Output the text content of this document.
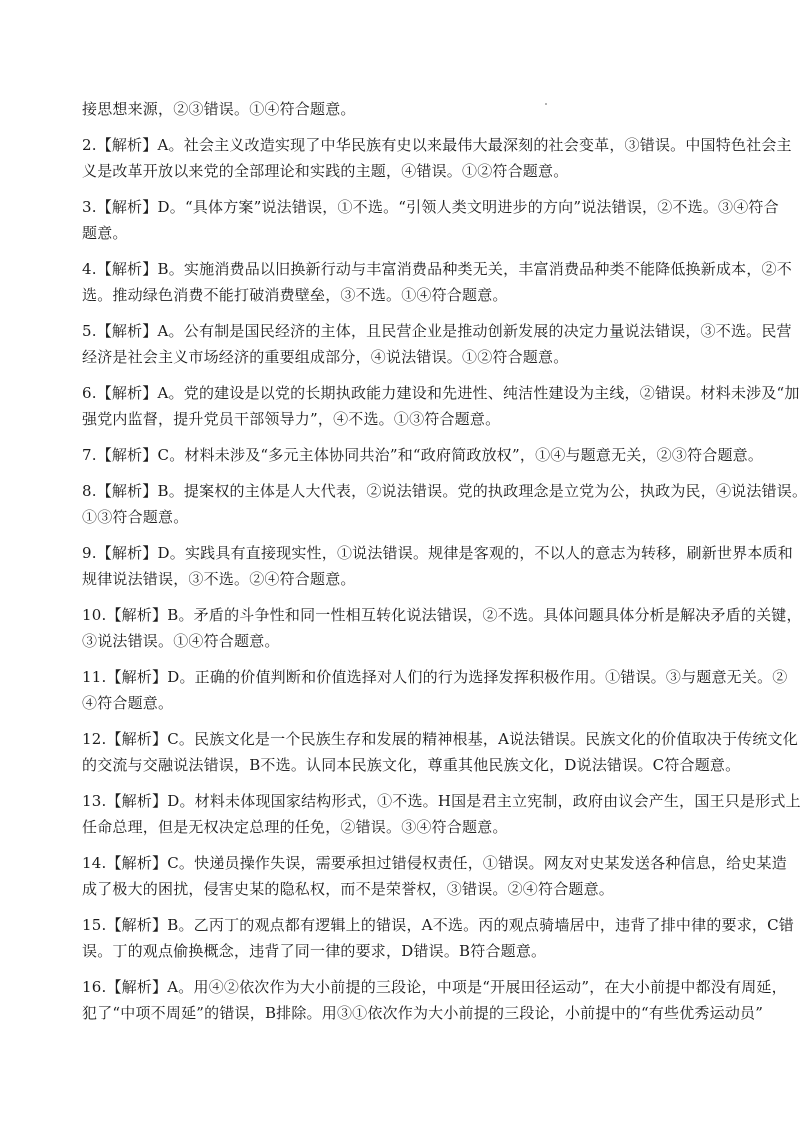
接思想来源，②③错误。①④符合题意。
2.【解析】A。社会主义改造实现了中华民族有史以来最伟大最深刻的社会变革，③错误。中国特色社会主
义是改革开放以来党的全部理论和实践的主题，④错误。①②符合题意。
3.【解析】D。“具体方案”说法错误，①不选。“引领人类文明进步的方向”说法错误，②不选。③④符合
题意。
4.【解析】B。实施消费品以旧换新行动与丰富消费品种类无关，丰富消费品种类不能降低换新成本，②不
选。推动绿色消费不能打破消费壁垒，③不选。①④符合题意。
5.【解析】A。公有制是国民经济的主体，且民营企业是推动创新发展的决定力量说法错误，③不选。民营
经济是社会主义市场经济的重要组成部分，④说法错误。①②符合题意。
6.【解析】A。党的建设是以党的长期执政能力建设和先进性、纯洁性建设为主线，②错误。材料未涉及“加
强党内监督，提升党员干部领导力”，④不选。①③符合题意。
7.【解析】C。材料未涉及“多元主体协同共治”和“政府简政放权”，①④与题意无关，②③符合题意。
8.【解析】B。提案权的主体是人大代表，②说法错误。党的执政理念是立党为公，执政为民，④说法错误。
①③符合题意。
9.【解析】D。实践具有直接现实性，①说法错误。规律是客观的，不以人的意志为转移，刷新世界本质和
规律说法错误，③不选。②④符合题意。
10.【解析】B。矛盾的斗争性和同一性相互转化说法错误，②不选。具体问题具体分析是解决矛盾的关键，
③说法错误。①④符合题意。
11.【解析】D。正确的价值判断和价值选择对人们的行为选择发挥积极作用。①错误。③与题意无关。②
④符合题意。
12.【解析】C。民族文化是一个民族生存和发展的精神根基，A说法错误。民族文化的价值取决于传统文化
的交流与交融说法错误，B不选。认同本民族文化，尊重其他民族文化，D说法错误。C符合题意。
13.【解析】D。材料未体现国家结构形式，①不选。H国是君主立宪制，政府由议会产生，国王只是形式上
任命总理，但是无权决定总理的任免，②错误。③④符合题意。
14.【解析】C。快递员操作失误，需要承担过错侵权责任，①错误。网友对史某发送各种信息，给史某造
成了极大的困扰，侵害史某的隐私权，而不是荣誉权，③错误。②④符合题意。
15.【解析】B。乙丙丁的观点都有逻辑上的错误，A不选。丙的观点骑墙居中，违背了排中律的要求，C错
误。丁的观点偷换概念，违背了同一律的要求，D错误。B符合题意。
16.【解析】A。用④②依次作为大小前提的三段论，中项是“开展田径运动”，在大小前提中都没有周延，
犯了“中项不周延”的错误，B排除。用③①依次作为大小前提的三段论，小前提中的“有些优秀运动员”
